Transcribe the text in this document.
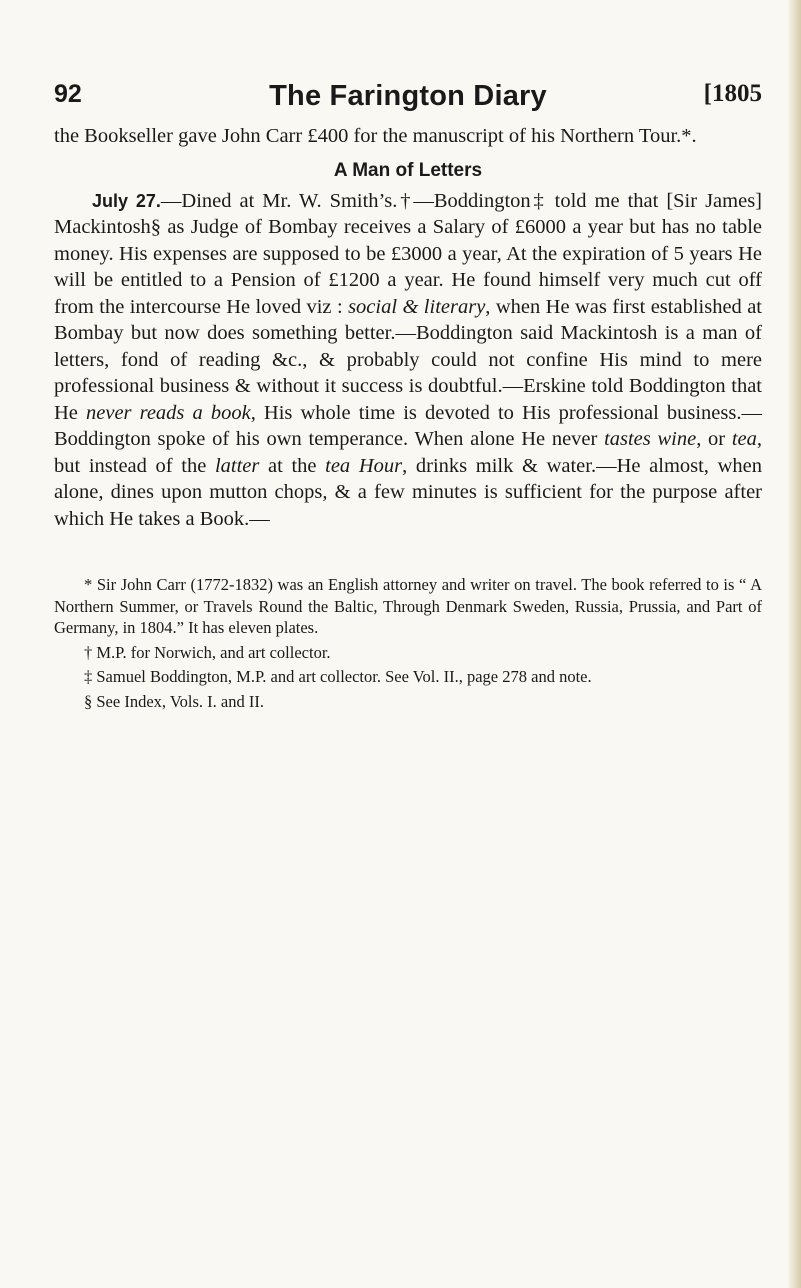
92	The Farington Diary	[1805

the Bookseller gave John Carr £400 for the manuscript of his Northern Tour.*.

A Man of Letters

July 27.—Dined at Mr. W. Smith’s.†—Boddington‡ told me that [Sir James] Mackintosh§ as Judge of Bombay receives a Salary of £6000 a year but has no table money. His expenses are supposed to be £3000 a year, At the expiration of 5 years He will be entitled to a Pension of £1200 a year. He found himself very much cut off from the intercourse He loved viz : social & literary, when He was first established at Bombay but now does something better.—Boddington said Mackintosh is a man of letters, fond of reading &c., & probably could not confine His mind to mere professional business & without it success is doubtful.—Erskine told Boddington that He never reads a book, His whole time is devoted to His professional business.—Boddington spoke of his own temperance. When alone He never tastes wine, or tea, but instead of the latter at the tea Hour, drinks milk & water.—He almost, when alone, dines upon mutton chops, & a few minutes is sufficient for the purpose after which He takes a Book.—

* Sir John Carr (1772-1832) was an English attorney and writer on travel. The book referred to is “ A Northern Summer, or Travels Round the Baltic, Through Denmark Sweden, Russia, Prussia, and Part of Germany, in 1804.” It has eleven plates.

† M.P. for Norwich, and art collector.

‡ Samuel Boddington, M.P. and art collector. See Vol. II., page 278 and note.

§ See Index, Vols. I. and II.
